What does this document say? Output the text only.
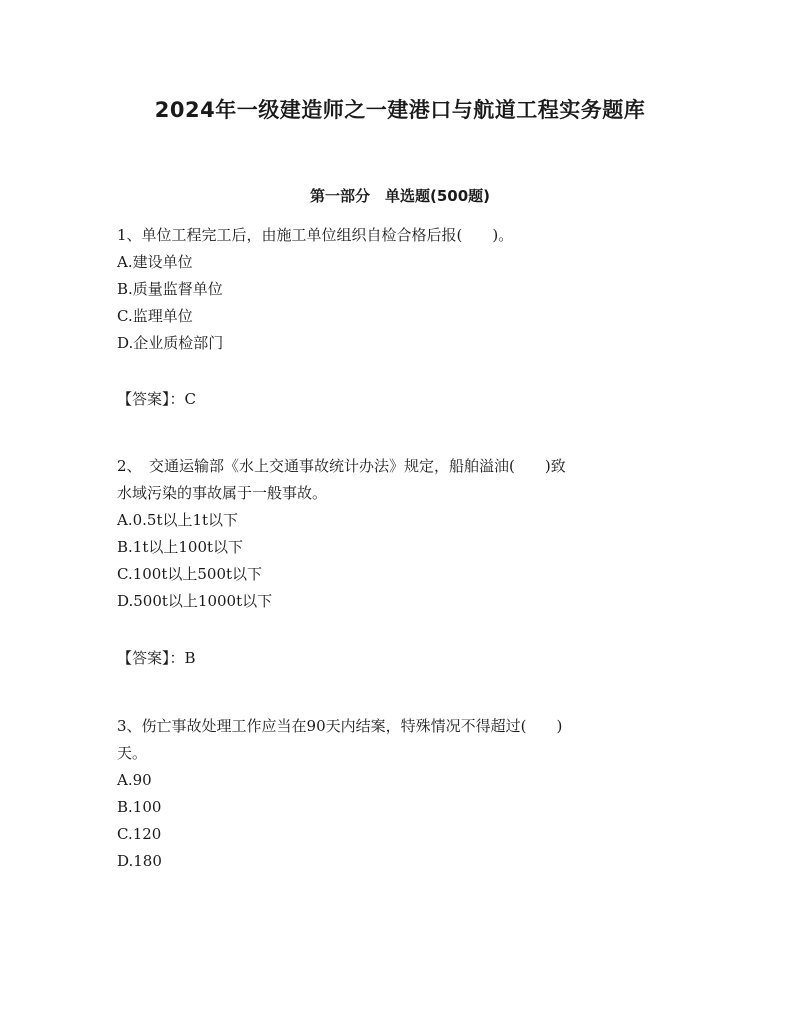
2024年一级建造师之一建港口与航道工程实务题库
第一部分　单选题(500题)
1、单位工程完工后，由施工单位组织自检合格后报(　　)。
A.建设单位
B.质量监督单位
C.监理单位
D.企业质检部门
【答案】：C
2、　交通运输部《水上交通事故统计办法》规定，船舶溢油(　　)致
水域污染的事故属于一般事故。
A.0.5t以上1t以下
B.1t以上100t以下
C.100t以上500t以下
D.500t以上1000t以下
【答案】：B
3、伤亡事故处理工作应当在90天内结案，特殊情况不得超过(　　)
天。
A.90
B.100
C.120
D.180
